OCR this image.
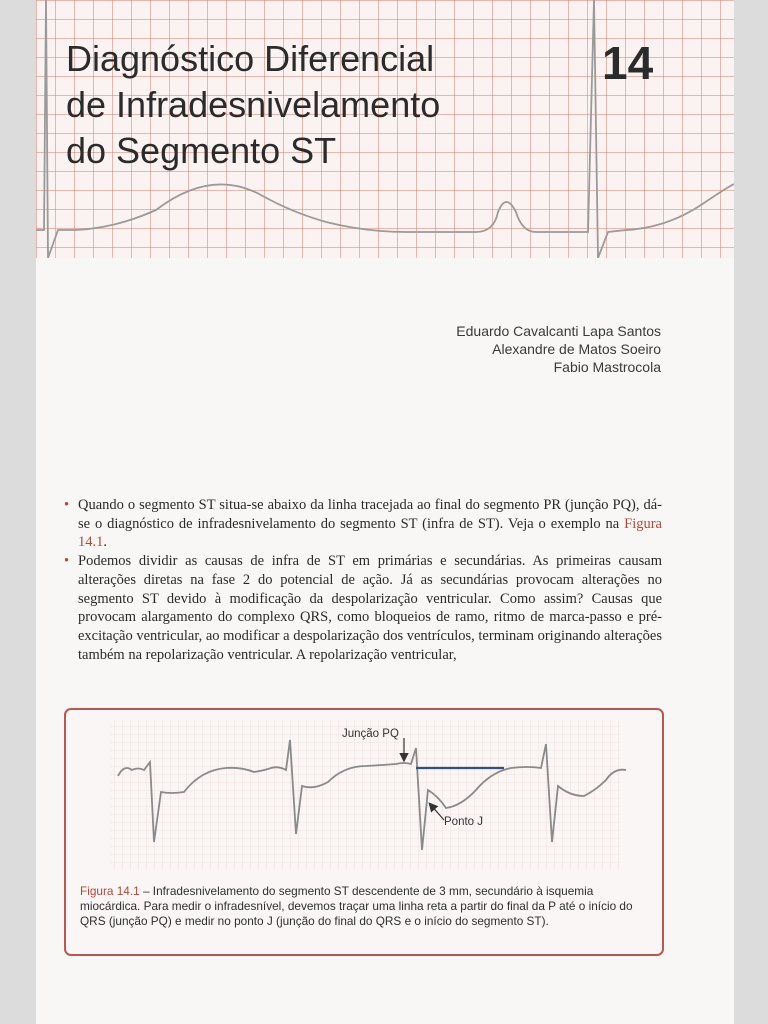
Diagnóstico Diferencial
de Infradesnivelamento
do Segmento ST
14
Eduardo Cavalcanti Lapa Santos
Alexandre de Matos Soeiro
Fabio Mastrocola

• Quando o segmento ST situa-se abaixo da linha tracejada ao final do segmento PR (junção PQ), dá-se o diagnóstico de infradesnivelamento do segmento ST (infra de ST). Veja o exemplo na Figura 14.1.

• Podemos dividir as causas de infra de ST em primárias e secundárias. As primeiras causam alterações diretas na fase 2 do potencial de ação. Já as secundárias provocam alterações no segmento ST devido à modificação da despolarização ventricular. Como assim? Causas que provocam alargamento do complexo QRS, como bloqueios de ramo, ritmo de marca-passo e pré-excitação ventricular, ao modificar a despolarização dos ventrículos, terminam originando alterações também na repolarização ventricular. A repolarização ventricular,

Junção PQ
Ponto J
Figura 14.1 – Infradesnivelamento do segmento ST descendente de 3 mm, secundário à isquemia miocárdica. Para medir o infradesnível, devemos traçar uma linha reta a partir do final da P até o início do QRS (junção PQ) e medir no ponto J (junção do final do QRS e o início do segmento ST).
